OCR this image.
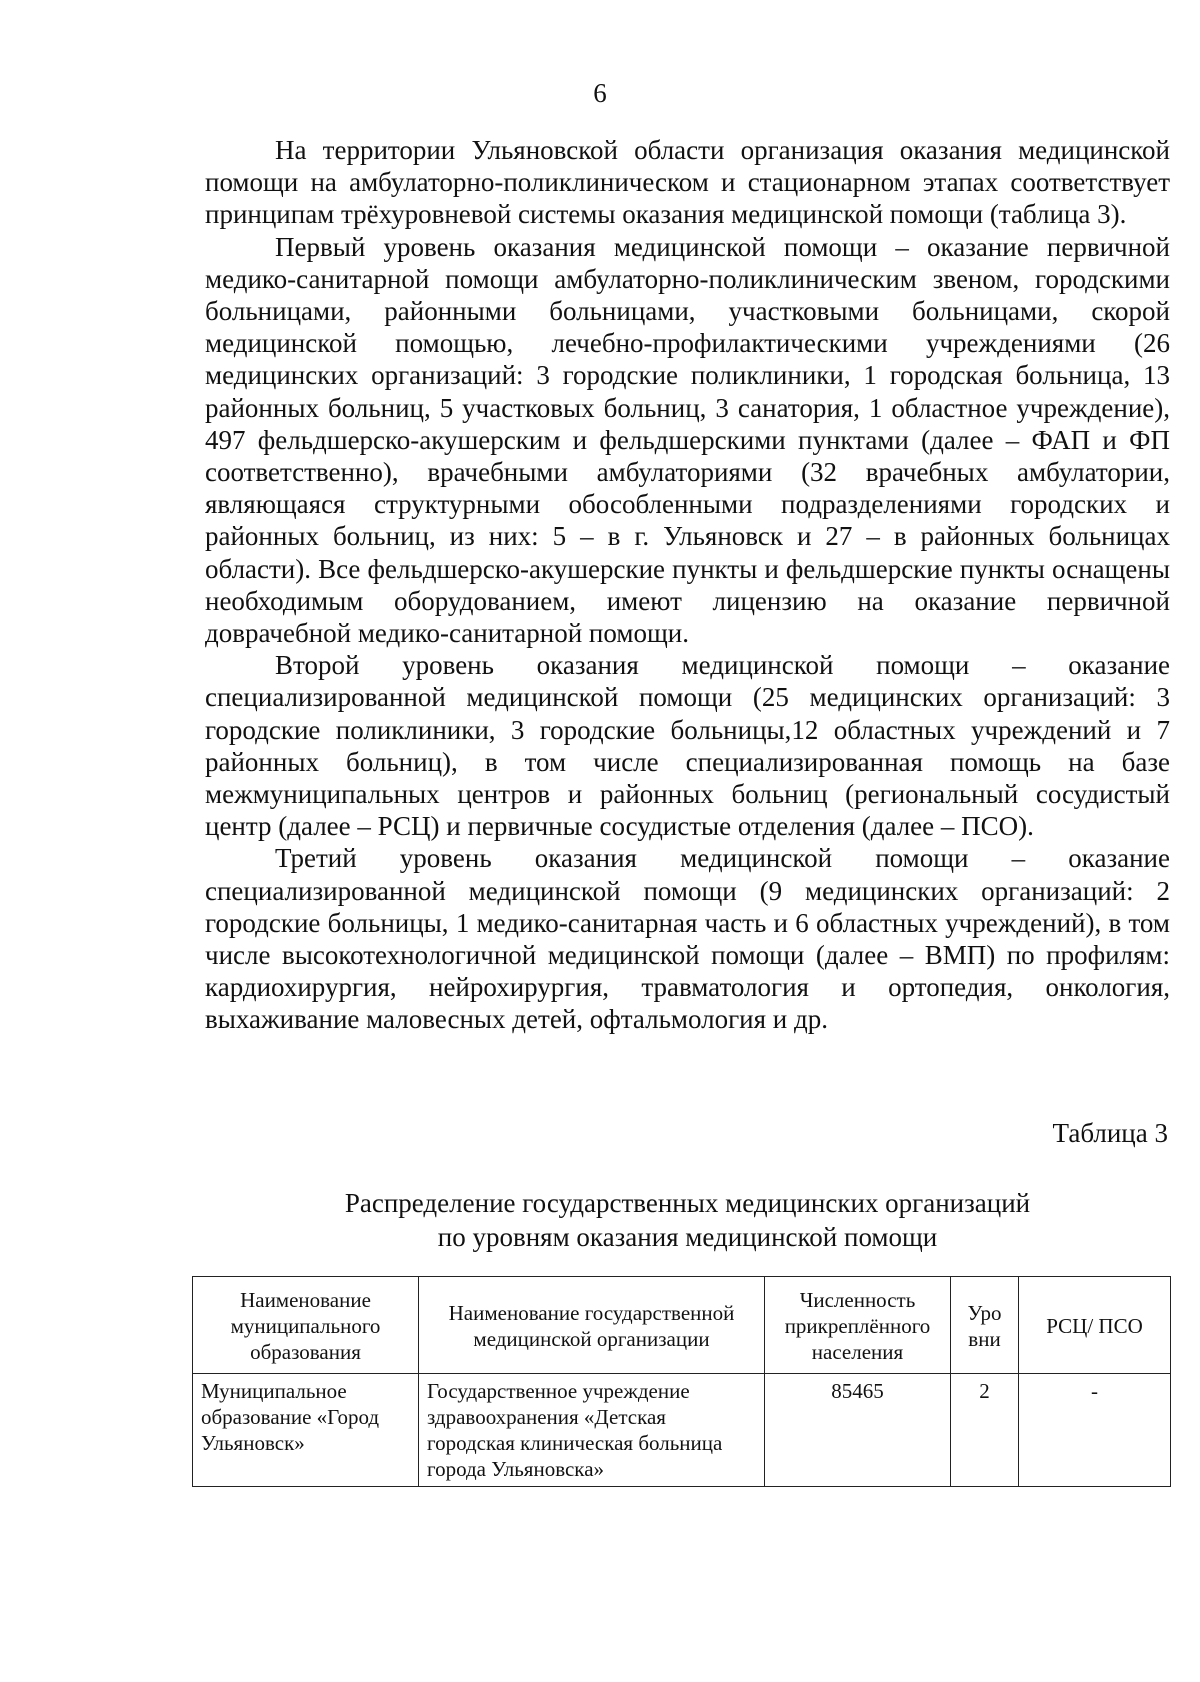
6

На территории Ульяновской области организация оказания медицинской помощи на амбулаторно-поликлиническом и стационарном этапах соответствует принципам трёхуровневой системы оказания медицинской помощи (таблица 3).

Первый уровень оказания медицинской помощи – оказание первичной медико-санитарной помощи амбулаторно-поликлиническим звеном, городскими больницами, районными больницами, участковыми больницами, скорой медицинской помощью, лечебно-профилактическими учреждениями (26 медицинских организаций: 3 городские поликлиники, 1 городская больница, 13 районных больниц, 5 участковых больниц, 3 санатория, 1 областное учреждение), 497 фельдшерско-акушерским и фельдшерскими пунктами (далее – ФАП и ФП соответственно), врачебными амбулаториями (32 врачебных амбулатории, являющаяся структурными обособленными подразделениями городских и районных больниц, из них: 5 – в г. Ульяновск и 27 – в районных больницах области). Все фельдшерско-акушерские пункты и фельдшерские пункты оснащены необходимым оборудованием, имеют лицензию на оказание первичной доврачебной медико-санитарной помощи.

Второй уровень оказания медицинской помощи – оказание специализированной медицинской помощи (25 медицинских организаций: 3 городские поликлиники, 3 городские больницы,12 областных учреждений и 7 районных больниц), в том числе специализированная помощь на базе межмуниципальных центров и районных больниц (региональный сосудистый центр (далее – РСЦ) и первичные сосудистые отделения (далее – ПСО).

Третий уровень оказания медицинской помощи – оказание специализированной медицинской помощи (9 медицинских организаций: 2 городские больницы, 1 медико-санитарная часть и 6 областных учреждений), в том числе высокотехнологичной медицинской помощи (далее – ВМП) по профилям: кардиохирургия, нейрохирургия, травматология и ортопедия, онкология, выхаживание маловесных детей, офтальмология и др.

Таблица 3
Распределение государственных медицинских организаций
по уровням оказания медицинской помощи
Наименование муниципального образования	Наименование государственной медицинской организации	Численность прикреплённого населения	Уро вни	РСЦ/ ПСО
Муниципальное образование «Город Ульяновск»	Государственное учреждение здравоохранения «Детская городская клиническая больница города Ульяновска»	85465	2	-
